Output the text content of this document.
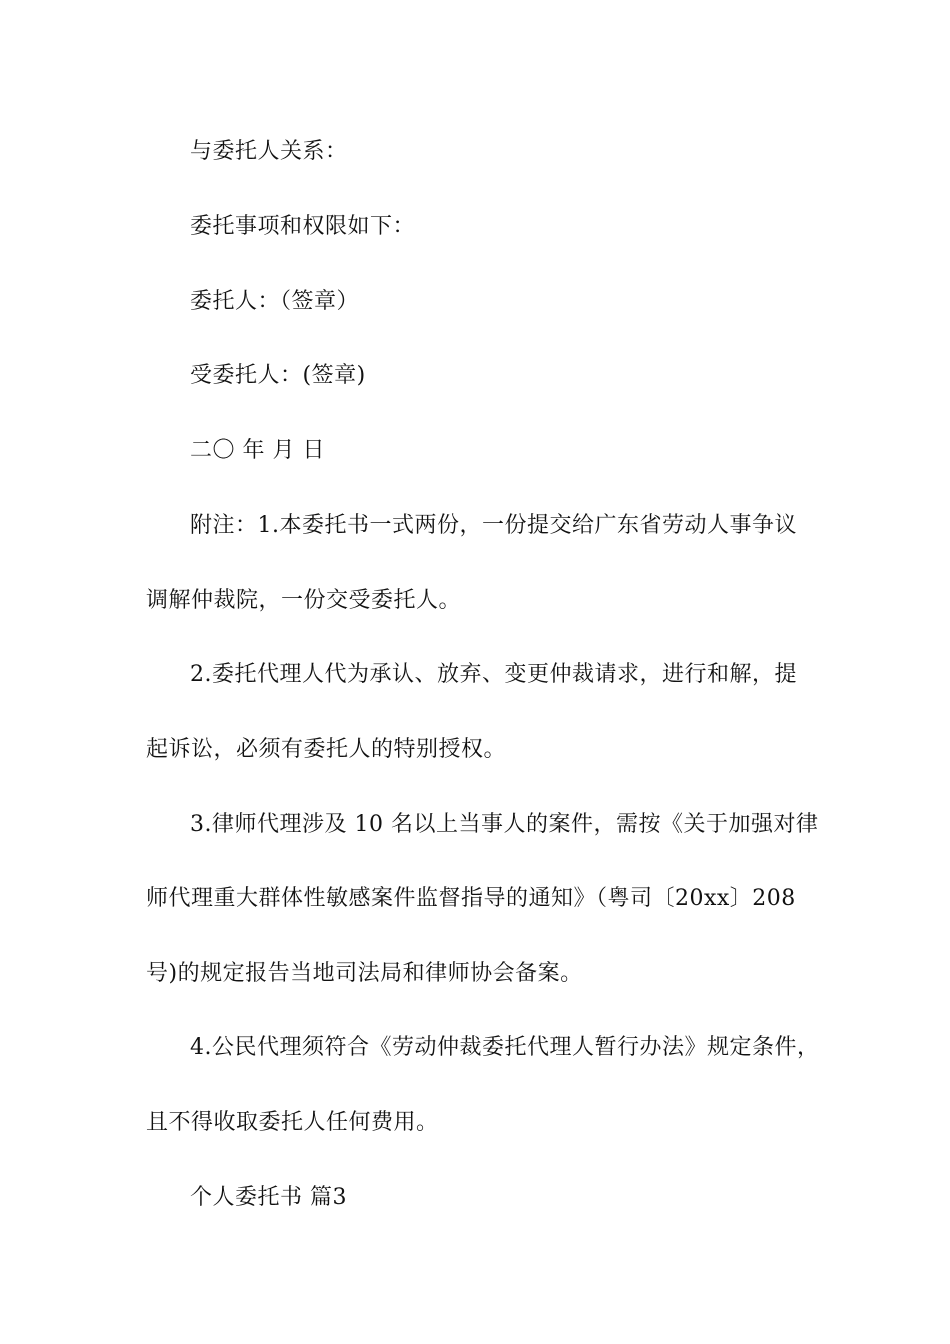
与委托人关系：
委托事项和权限如下：
委托人：（签章）
受委托人：(签章)
二〇 年 月 日
附注：1.本委托书一式两份，一份提交给广东省劳动人事争议
调解仲裁院，一份交受委托人。
2.委托代理人代为承认、放弃、变更仲裁请求，进行和解，提
起诉讼，必须有委托人的特别授权。
3.律师代理涉及 10 名以上当事人的案件，需按《关于加强对律
师代理重大群体性敏感案件监督指导的通知》（粤司〔20xx〕208
号)的规定报告当地司法局和律师协会备案。
4.公民代理须符合《劳动仲裁委托代理人暂行办法》规定条件，
且不得收取委托人任何费用。
个人委托书 篇3
